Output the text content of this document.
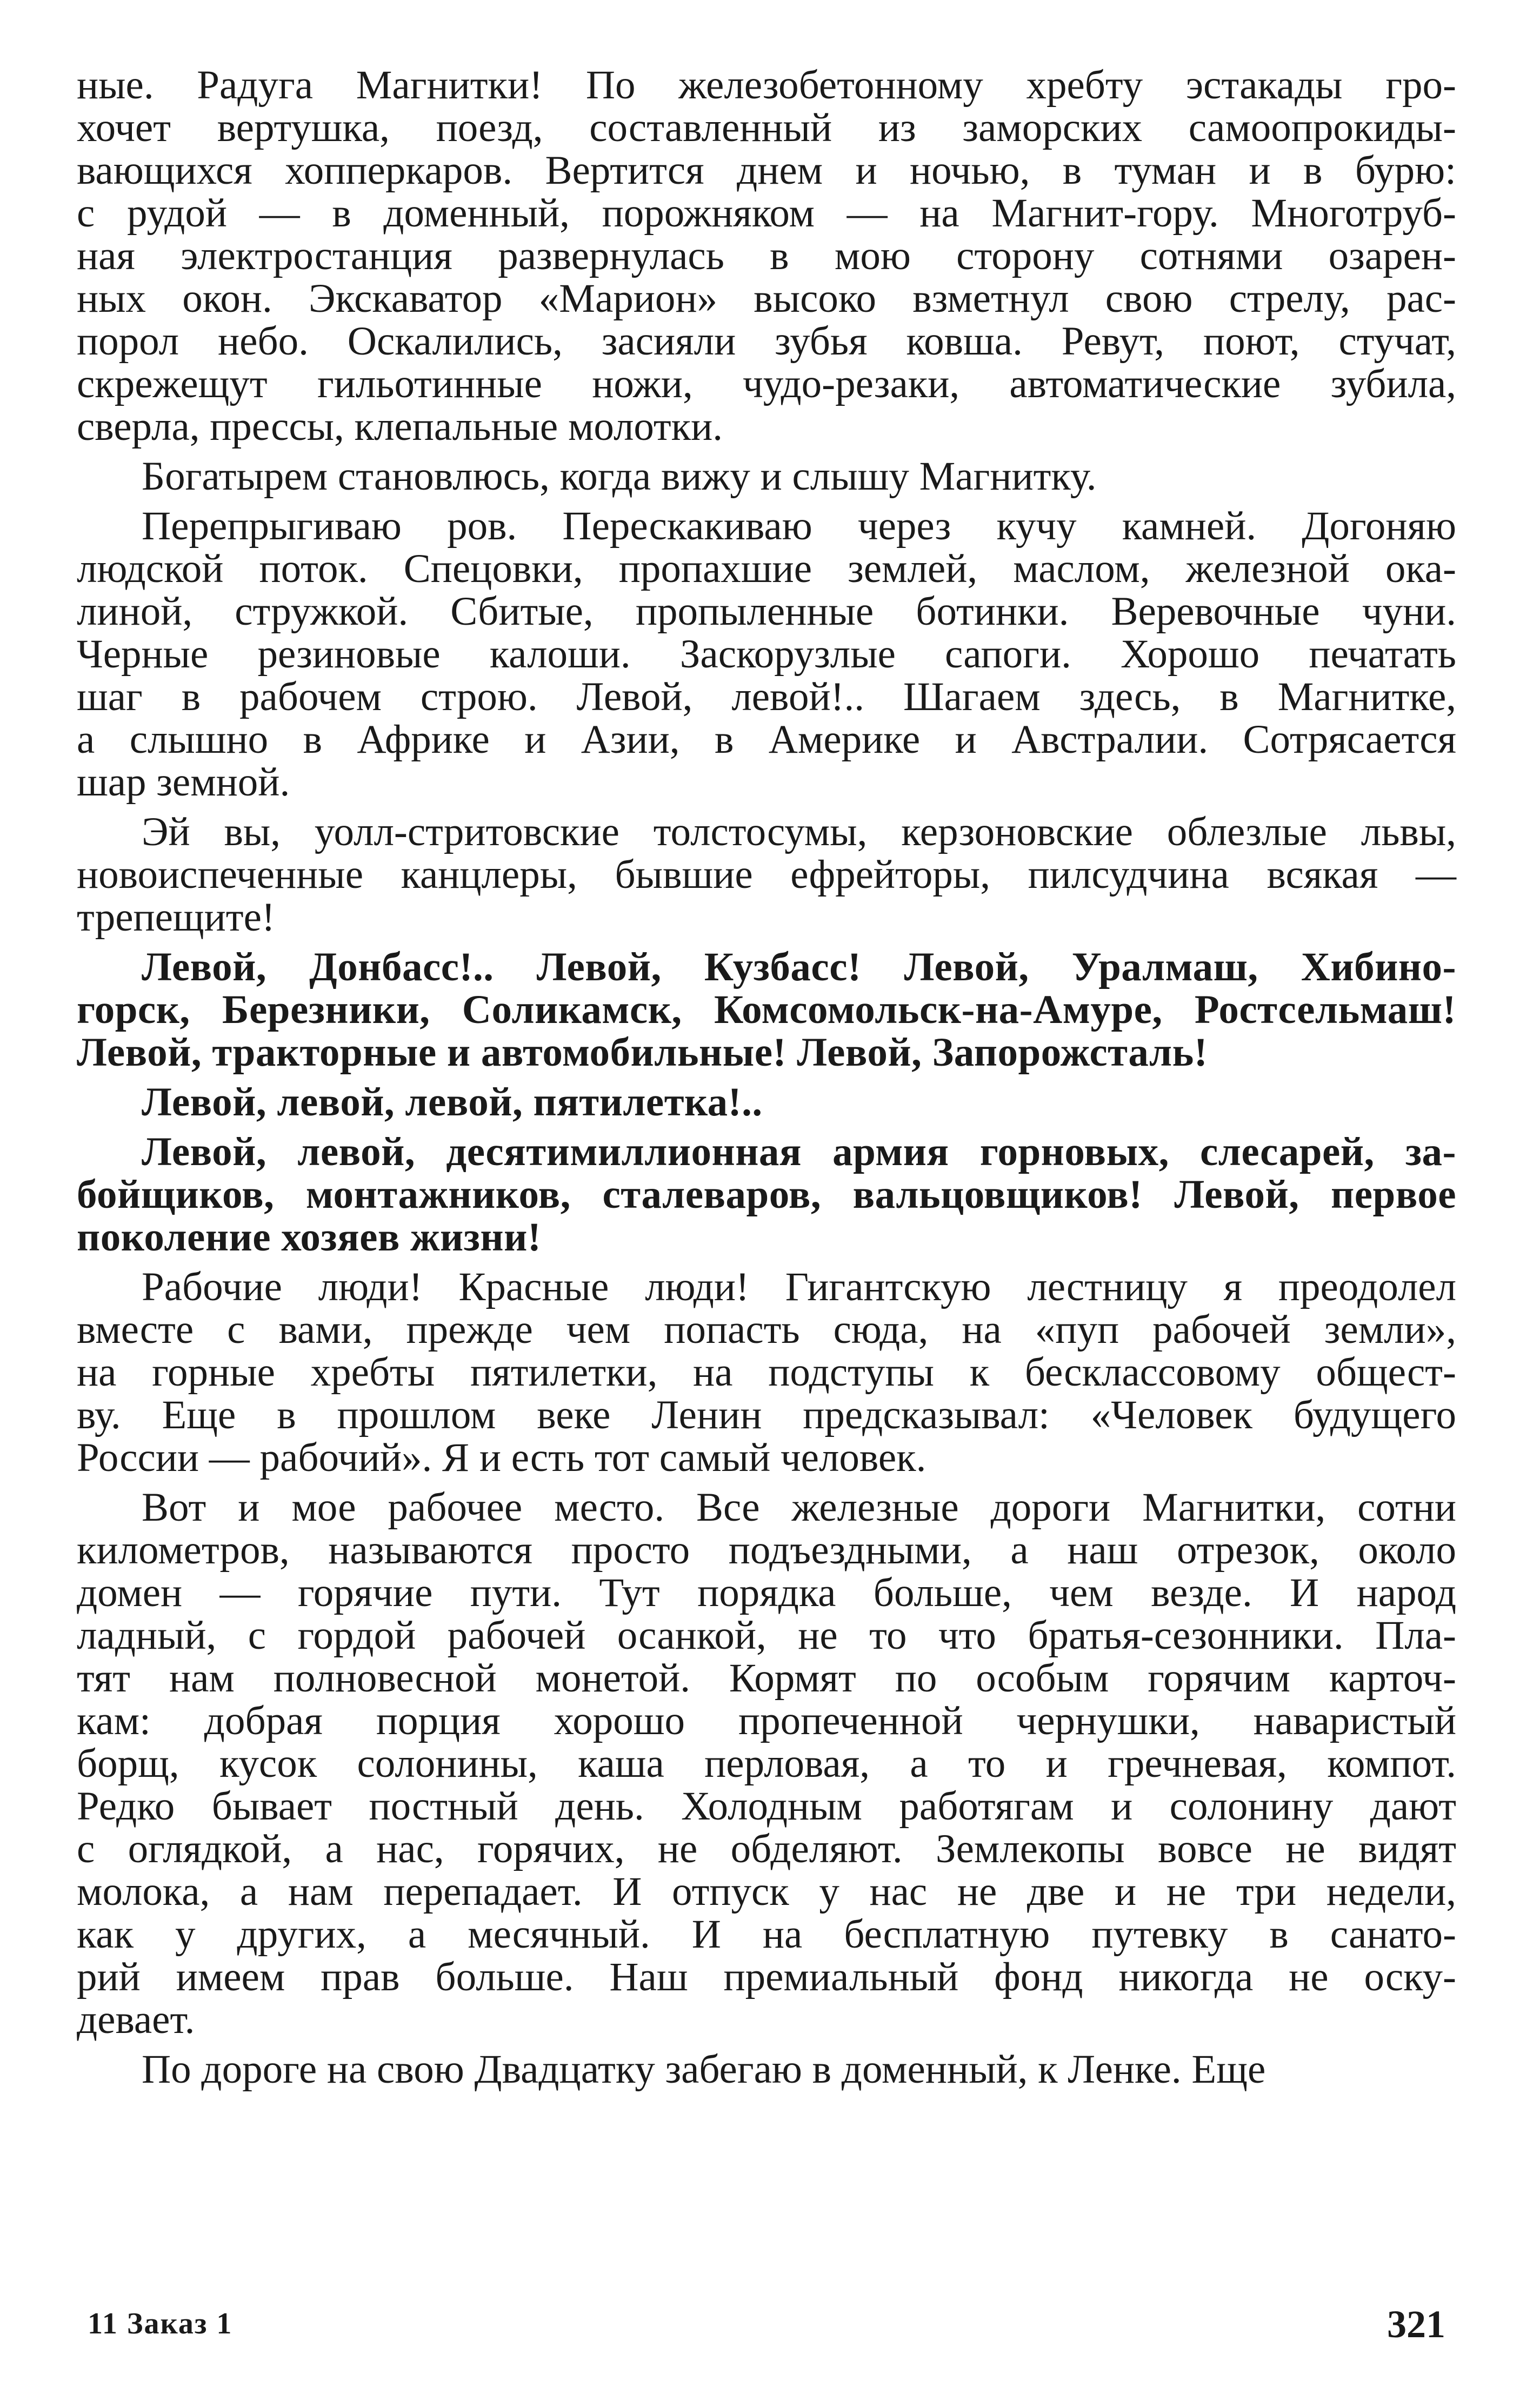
ные. Радуга Магнитки! По железобетонному хребту эстакады гро-
хочет вертушка, поезд, составленный из заморских самоопрокиды-
вающихся хопперкаров. Вертится днем и ночью, в туман и в бурю:
с рудой — в доменный, порожняком — на Магнит-гору. Многотруб-
ная электростанция развернулась в мою сторону сотнями озарен-
ных окон. Экскаватор «Марион» высоко взметнул свою стрелу, рас-
порол небо. Оскалились, засияли зубья ковша. Ревут, поют, стучат,
скрежещут гильотинные ножи, чудо-резаки, автоматические зубила,
сверла, прессы, клепальные молотки.
Богатырем становлюсь, когда вижу и слышу Магнитку.
Перепрыгиваю ров. Перескакиваю через кучу камней. Догоняю
людской поток. Спецовки, пропахшие землей, маслом, железной ока-
линой, стружкой. Сбитые, пропыленные ботинки. Веревочные чуни.
Черные резиновые калоши. Заскорузлые сапоги. Хорошо печатать
шаг в рабочем строю. Левой, левой!.. Шагаем здесь, в Магнитке,
а слышно в Африке и Азии, в Америке и Австралии. Сотрясается
шар земной.
Эй вы, уолл-стритовские толстосумы, керзоновские облезлые львы,
новоиспеченные канцлеры, бывшие ефрейторы, пилсудчина всякая —
трепещите!
Левой, Донбасс!.. Левой, Кузбасс! Левой, Уралмаш, Хибино-
горск, Березники, Соликамск, Комсомольск-на-Амуре, Ростсельмаш!
Левой, тракторные и автомобильные! Левой, Запорожсталь!
Левой, левой, левой, пятилетка!..
Левой, левой, десятимиллионная армия горновых, слесарей, за-
бойщиков, монтажников, сталеваров, вальцовщиков! Левой, первое
поколение хозяев жизни!
Рабочие люди! Красные люди! Гигантскую лестницу я преодолел
вместе с вами, прежде чем попасть сюда, на «пуп рабочей земли»,
на горные хребты пятилетки, на подступы к бесклассовому общест-
ву. Еще в прошлом веке Ленин предсказывал: «Человек будущего
России — рабочий». Я и есть тот самый человек.
Вот и мое рабочее место. Все железные дороги Магнитки, сотни
километров, называются просто подъездными, а наш отрезок, около
домен — горячие пути. Тут порядка больше, чем везде. И народ
ладный, с гордой рабочей осанкой, не то что братья-сезонники. Пла-
тят нам полновесной монетой. Кормят по особым горячим карточ-
кам: добрая порция хорошо пропеченной чернушки, наваристый
борщ, кусок солонины, каша перловая, а то и гречневая, компот.
Редко бывает постный день. Холодным работягам и солонину дают
с оглядкой, а нас, горячих, не обделяют. Землекопы вовсе не видят
молока, а нам перепадает. И отпуск у нас не две и не три недели,
как у других, а месячный. И на бесплатную путевку в санато-
рий имеем прав больше. Наш премиальный фонд никогда не оску-
девает.
По дороге на свою Двадцатку забегаю в доменный, к Ленке. Еще
11 Заказ 1	321
